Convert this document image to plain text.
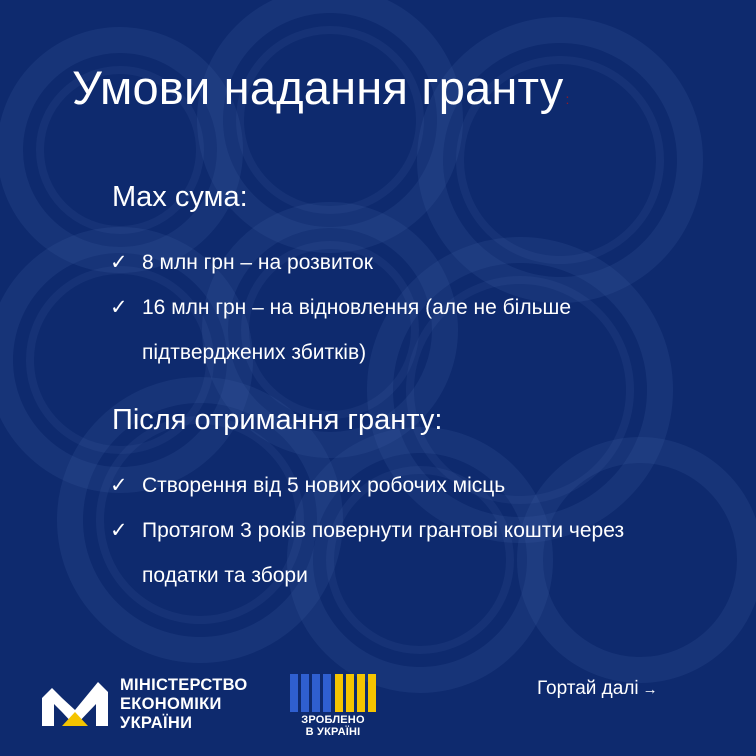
Умови надання гранту :
Max сума:
✓ 8 млн грн – на розвиток
✓ 16 млн грн – на відновлення (але не більше підтверджених збитків)
Після отримання гранту:
✓ Створення від 5 нових робочих місць
✓ Протягом 3 років повернути грантові кошти через податки та збори
МІНІСТЕРСТВО
ЕКОНОМІКИ
УКРАЇНИ	ЗРОБЛЕНО
В УКРАЇНІ
Гортай далі →
